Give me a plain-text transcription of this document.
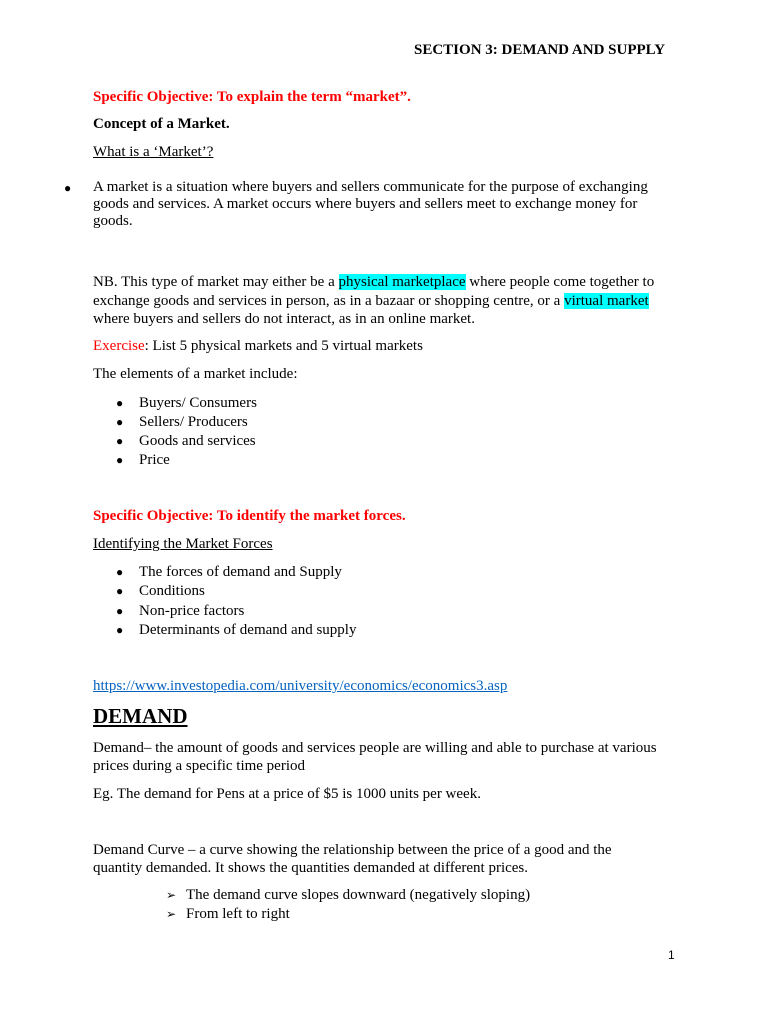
SECTION 3: DEMAND AND SUPPLY
Specific Objective: To explain the term “market”.
Concept of a Market.
What is a ‘Market’?
● A market is a situation where buyers and sellers communicate for the purpose of exchanging
goods and services. A market occurs where buyers and sellers meet to exchange money for
goods.
NB. This type of market may either be a physical marketplace where people come together to
exchange goods and services in person, as in a bazaar or shopping centre, or a virtual market
where buyers and sellers do not interact, as in an online market.
Exercise: List 5 physical markets and 5 virtual markets
The elements of a market include:
● Buyers/ Consumers
● Sellers/ Producers
● Goods and services
● Price
Specific Objective: To identify the market forces.
Identifying the Market Forces
● The forces of demand and Supply
● Conditions
● Non-price factors
● Determinants of demand and supply
https://www.investopedia.com/university/economics/economics3.asp
DEMAND
Demand– the amount of goods and services people are willing and able to purchase at various
prices during a specific time period
Eg. The demand for Pens at a price of $5 is 1000 units per week.
Demand Curve – a curve showing the relationship between the price of a good and the
quantity demanded. It shows the quantities demanded at different prices.
➢ The demand curve slopes downward (negatively sloping)
➢ From left to right
1
